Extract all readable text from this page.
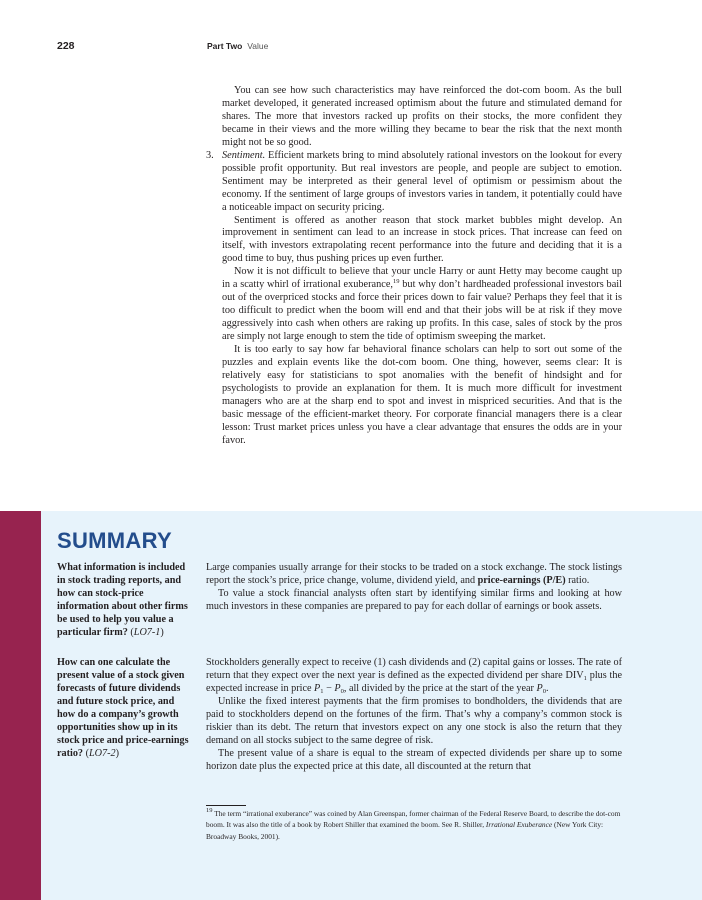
228	Part Two Value

You can see how such characteristics may have reinforced the dot-com boom. As the bull market developed, it generated increased optimism about the future and stimulated demand for shares. The more that investors racked up profits on their stocks, the more confident they became in their views and the more willing they became to bear the risk that the next month might not be so good.

3. Sentiment. Efficient markets bring to mind absolutely rational investors on the lookout for every possible profit opportunity. But real investors are people, and people are subject to emotion. Sentiment may be interpreted as their general level of optimism or pessimism about the economy. If the sentiment of large groups of investors varies in tandem, it potentially could have a noticeable impact on security pricing.

Sentiment is offered as another reason that stock market bubbles might develop. An improvement in sentiment can lead to an increase in stock prices. That increase can feed on itself, with investors extrapolating recent performance into the future and deciding that it is a good time to buy, thus pushing prices up even further.

Now it is not difficult to believe that your uncle Harry or aunt Hetty may become caught up in a scatty whirl of irrational exuberance,$^{19}$ but why don’t hardheaded professional investors bail out of the overpriced stocks and force their prices down to fair value? Perhaps they feel that it is too difficult to predict when the boom will end and that their jobs will be at risk if they move aggressively into cash when others are raking up profits. In this case, sales of stock by the pros are simply not large enough to stem the tide of optimism sweeping the market.

It is too early to say how far behavioral finance scholars can help to sort out some of the puzzles and explain events like the dot-com boom. One thing, however, seems clear: It is relatively easy for statisticians to spot anomalies with the benefit of hindsight and for psychologists to provide an explanation for them. It is much more difficult for investment managers who are at the sharp end to spot and invest in mispriced securities. And that is the basic message of the efficient-market theory. For corporate financial managers there is a clear lesson: Trust market prices unless you have a clear advantage that ensures the odds are in your favor.

SUMMARY
What information is included in stock trading reports, and how can stock-price information about other firms be used to help you value a particular firm? (LO7-1)

Large companies usually arrange for their stocks to be traded on a stock exchange. The stock listings report the stock’s price, price change, volume, dividend yield, and price-earnings (P/E) ratio.

To value a stock financial analysts often start by identifying similar firms and looking at how much investors in these companies are prepared to pay for each dollar of earnings or book assets.

How can one calculate the present value of a stock given forecasts of future dividends and future stock price, and how do a company’s growth opportunities show up in its stock price and price-earnings ratio? (LO7-2)

Stockholders generally expect to receive (1) cash dividends and (2) capital gains or losses. The rate of return that they expect over the next year is defined as the expected dividend per share $DIV_1$ plus the expected increase in price $P_1 - P_0$, all divided by the price at the start of the year $P_0$.

Unlike the fixed interest payments that the firm promises to bondholders, the dividends that are paid to stockholders depend on the fortunes of the firm. That’s why a company’s common stock is riskier than its debt. The return that investors expect on any one stock is also the return that they demand on all stocks subject to the same degree of risk.

The present value of a share is equal to the stream of expected dividends per share up to some horizon date plus the expected price at this date, all discounted at the return that

$^{19}$ The term “irrational exuberance” was coined by Alan Greenspan, former chairman of the Federal Reserve Board, to describe the dot-com boom. It was also the title of a book by Robert Shiller that examined the boom. See R. Shiller, Irrational Exuberance (New York City: Broadway Books, 2001).
